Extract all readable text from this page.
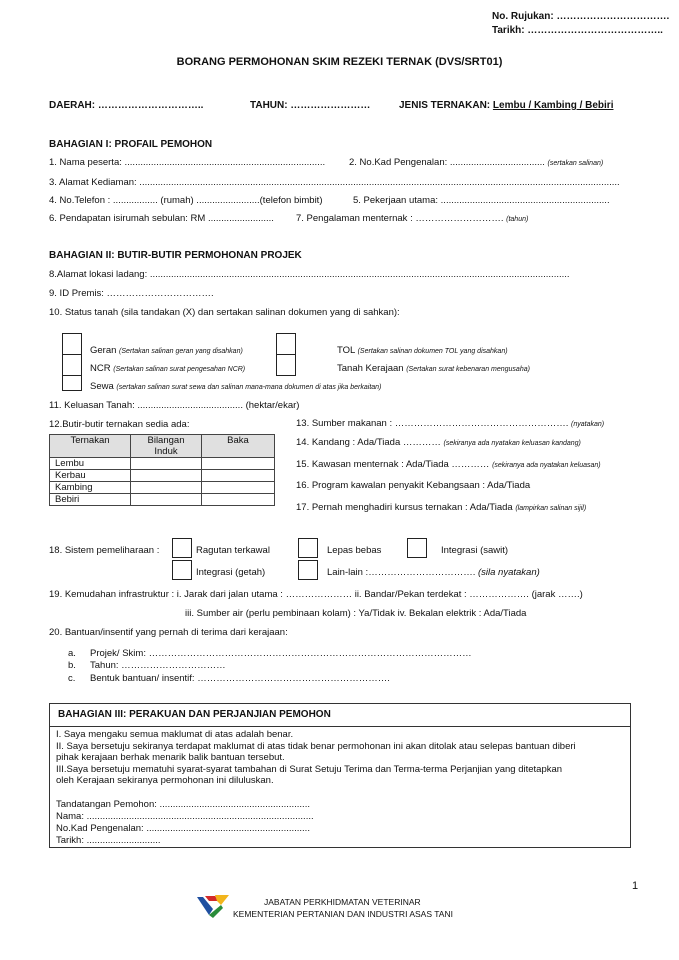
No. Rujukan: …………………………….
Tarikh: …………………………………..
BORANG PERMOHONAN SKIM REZEKI TERNAK (DVS/SRT01)
DAERAH: …………………………..	TAHUN: ……………………	JENIS TERNAKAN: Lembu / Kambing / Bebiri
BAHAGIAN I: PROFAIL PEMOHON
1. Nama peserta: ............................................................................	2. No.Kad Pengenalan: .................................... (sertakan salinan)
3. Alamat Kediaman: ......................................................................................................................................................................................
4. No.Telefon : ................. (rumah) ........................(telefon bimbit)	5. Pekerjaan utama: ................................................................
6. Pendapatan isirumah sebulan: RM ......................... 7. Pengalaman menternak : ………………………. (tahun)
BAHAGIAN II: BUTIR-BUTIR PERMOHONAN PROJEK
8.Alamat lokasi ladang: ...............................................................................................................................................................
9. ID Premis: …………………………….
10. Status tanah (sila tandakan (X) dan sertakan salinan dokumen yang di sahkan):
Geran (Sertakan salinan geran yang disahkan)
NCR (Sertakan salinan surat pengesahan NCR)
Sewa (sertakan salinan surat sewa dan salinan mana-mana dokumen di atas jika berkaitan)
TOL (Sertakan salinan dokumen TOL yang disahkan)
Tanah Kerajaan (Sertakan surat kebenaran mengusaha)
11. Keluasan Tanah: ........................................ (hektar/ekar)
12.Butir-butir ternakan sedia ada:
Ternakan	Bilangan Induk	Baka
Lembu		
Kerbau		
Kambing		
Bebiri		
13. Sumber makanan : ………………………………………………. (nyatakan)
14. Kandang : Ada/Tiada ………… (sekiranya ada nyatakan keluasan kandang)
15. Kawasan menternak : Ada/Tiada ………… (sekiranya ada nyatakan keluasan)
16. Program kawalan penyakit Kebangsaan : Ada/Tiada
17. Pernah menghadiri kursus ternakan : Ada/Tiada (lampirkan salinan sijil)
18. Sistem pemeliharaan :	Ragutan terkawal	Lepas bebas	Integrasi (sawit)
Integrasi (getah)	Lain-lain :……………………………. (sila nyatakan)
19. Kemudahan infrastruktur : i. Jarak dari jalan utama : ………………… ii. Bandar/Pekan terdekat : ………………. (jarak …….)
iii. Sumber air (perlu pembinaan kolam) : Ya/Tidak iv. Bekalan elektrik : Ada/Tiada
20. Bantuan/insentif yang pernah di terima dari kerajaan:
a. Projek/ Skim: …………………………………………………………………………………………
b. Tahun: ……………………………
c. Bentuk bantuan/ insentif: …………………………………………………….
BAHAGIAN III: PERAKUAN DAN PERJANJIAN PEMOHON
I. Saya mengaku semua maklumat di atas adalah benar.
II. Saya bersetuju sekiranya terdapat maklumat di atas tidak benar permohonan ini akan ditolak atau selepas bantuan diberi
pihak kerajaan berhak menarik balik bantuan tersebut.
III.Saya bersetuju mematuhi syarat-syarat tambahan di Surat Setuju Terima dan Terma-terma Perjanjian yang ditetapkan
oleh Kerajaan sekiranya permohonan ini diluluskan.
Tandatangan Pemohon: .........................................................
Nama: ......................................................................................
No.Kad Pengenalan: ..............................................................
Tarikh: ............................
1
JABATAN PERKHIDMATAN VETERINAR
KEMENTERIAN PERTANIAN DAN INDUSTRI ASAS TANI
